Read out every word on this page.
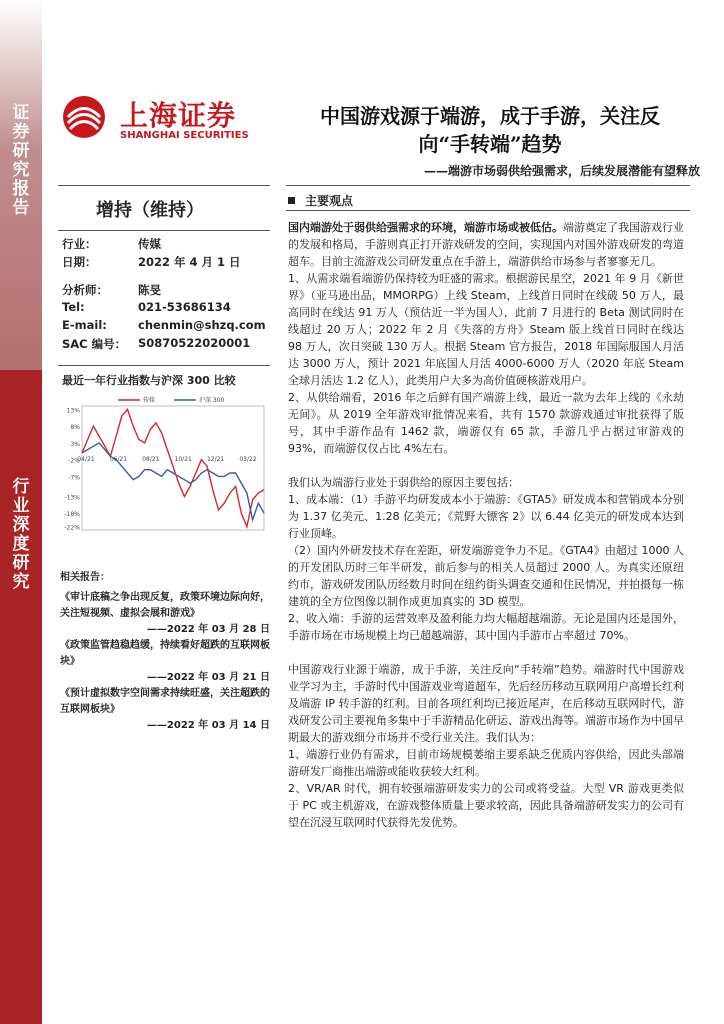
证券研究报告
行业深度研究
上海证券
SHANGHAI SECURITIES
中国游戏源于端游，成于手游，关注反
向“手转端”趋势
——端游市场弱供给强需求，后续发展潜能有望释放
增持（维持）
行业：	传媒
日期：	2022 年 4 月 1 日
分析师：	陈旻
Tel:	021-53686134
E-mail:	chenmin@shzq.com
SAC 编号： S0870522020001
最近一年行业指数与沪深 300 比较
13%
8%
3%
-2%
-7%
-13%
-18%
-22%
04/21	06/21	08/21	10/21	12/21	03/22
传媒	沪深 300
相关报告：
《审计底稿之争出现反复，政策环境边际向好，关注短视频、虚拟会展和游戏》
——2022 年 03 月 28 日
《政策监管趋稳趋缓，持续看好超跌的互联网板块》
——2022 年 03 月 21 日
《预计虚拟数字空间需求持续旺盛，关注超跌的互联网板块》
——2022 年 03 月 14 日
主要观点

国内端游处于弱供给强需求的环境，端游市场或被低估。端游奠定了我国游戏行业的发展和格局，手游则真正打开游戏研发的空间，实现国内对国外游戏研发的弯道超车。目前主流游戏公司研发重点在手游上，端游供给市场参与者寥寥无几。

1、从需求端看端游仍保持较为旺盛的需求。根据游民星空，2021 年 9 月《新世界》（亚马逊出品，MMORPG）上线 Steam，上线首日同时在线破 50 万人，最高同时在线达 91 万人（预估近一半为国人），此前 7 月进行的 Beta 测试同时在线超过 20 万人；2022 年 2 月《失落的方舟》Steam 版上线首日同时在线达 98 万人，次日突破 130 万人。根据 Steam 官方报告，2018 年国际服国人月活达 3000 万人，预计 2021 年底国人月活 4000-6000 万人（2020 年底 Steam 全球月活达 1.2 亿人），此类用户大多为高价值硬核游戏用户。

2、从供给端看，2016 年之后鲜有国产端游上线，最近一款为去年上线的《永劫无间》。从 2019 全年游戏审批情况来看，共有 1570 款游戏通过审批获得了版号，其中手游作品有 1462 款，端游仅有 65 款，手游几乎占据过审游戏的 93%，而端游仅仅占比 4%左右。

我们认为端游行业处于弱供给的原因主要包括：

1、成本端：（1）手游平均研发成本小于端游：《GTA5》研发成本和营销成本分别为 1.37 亿美元、1.28 亿美元；《荒野大镖客 2》以 6.44 亿美元的研发成本达到行业顶峰。

（2）国内外研发技术存在差距，研发端游竞争力不足。《GTA4》由超过 1000 人的开发团队历时三年半研发，前后参与的相关人员超过 2000 人。为真实还原纽约市，游戏研发团队历经数月时间在纽约街头调查交通和住民情况，并拍摄每一栋建筑的全方位图像以制作成更加真实的 3D 模型。

2、收入端：手游的运营效率及盈利能力均大幅超越端游。无论是国内还是国外，手游市场在市场规模上均已超越端游，其中国内手游市占率超过 70%。

中国游戏行业源于端游，成于手游，关注反向“手转端”趋势。端游时代中国游戏业学习为主，手游时代中国游戏业弯道超车，先后经历移动互联网用户高增长红利及端游 IP 转手游的红利。目前各项红利均已接近尾声，在后移动互联网时代，游戏研发公司主要视角多集中于手游精品化研运、游戏出海等。端游市场作为中国早期最大的游戏细分市场并不受行业关注。我们认为：

1、端游行业仍有需求，目前市场规模萎缩主要系缺乏优质内容供给，因此头部端游研发厂商推出端游或能收获较大红利。

2、VR/AR 时代，拥有较强端游研发实力的公司或将受益。大型 VR 游戏更类似于 PC 或主机游戏，在游戏整体质量上要求较高，因此具备端游研发实力的公司有望在沉浸互联网时代获得先发优势。
